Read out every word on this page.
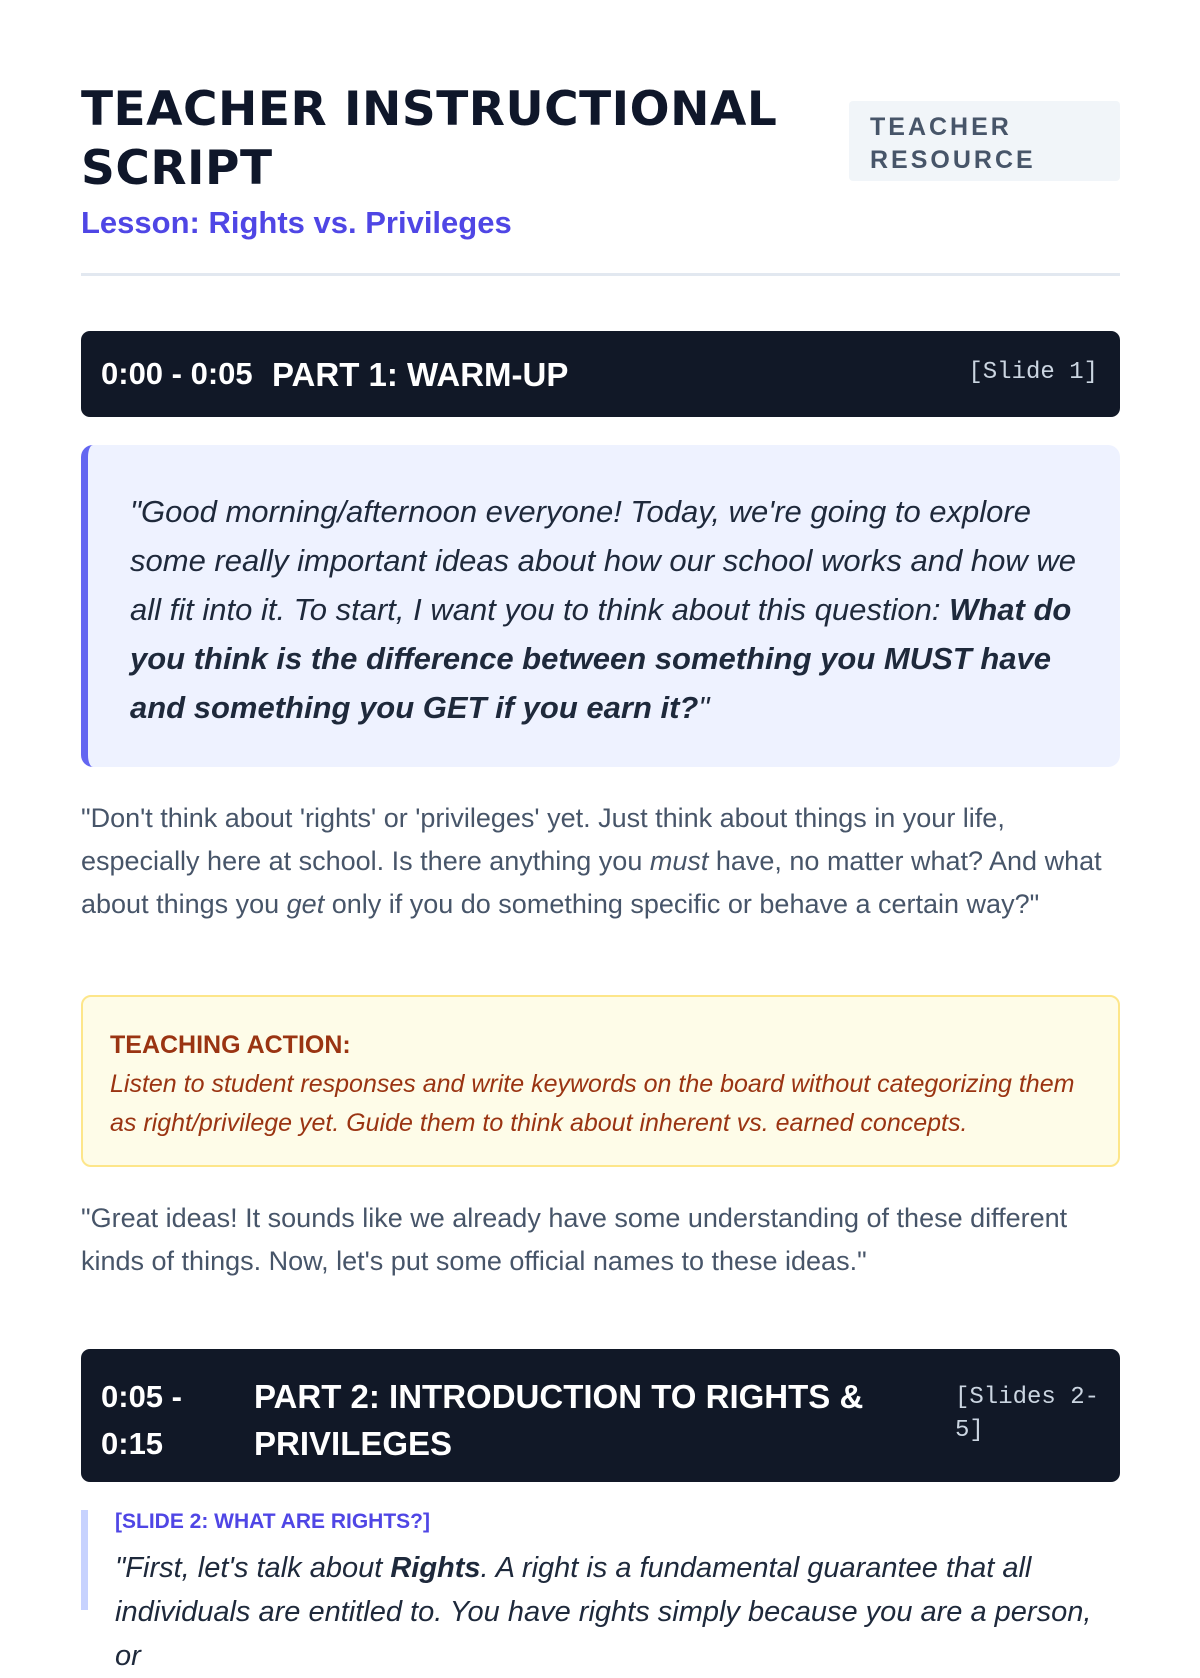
TEACHER INSTRUCTIONAL SCRIPT
Lesson: Rights vs. Privileges
TEACHER RESOURCE
0:00 - 0:05 PART 1: WARM-UP	[Slide 1]
"Good morning/afternoon everyone! Today, we're going to explore some really important ideas about how our school works and how we all fit into it. To start, I want you to think about this question: What do you think is the difference between something you MUST have and something you GET if you earn it?"
"Don't think about 'rights' or 'privileges' yet. Just think about things in your life, especially here at school. Is there anything you must have, no matter what? And what about things you get only if you do something specific or behave a certain way?"
TEACHING ACTION:
Listen to student responses and write keywords on the board without categorizing them as right/privilege yet. Guide them to think about inherent vs. earned concepts.
"Great ideas! It sounds like we already have some understanding of these different kinds of things. Now, let's put some official names to these ideas."
0:05 - 0:15
PART 2: INTRODUCTION TO RIGHTS & PRIVILEGES
[Slides 2-5]
[SLIDE 2: WHAT ARE RIGHTS?]
"First, let's talk about Rights. A right is a fundamental guarantee that all individuals are entitled to. You have rights simply because you are a person, or
